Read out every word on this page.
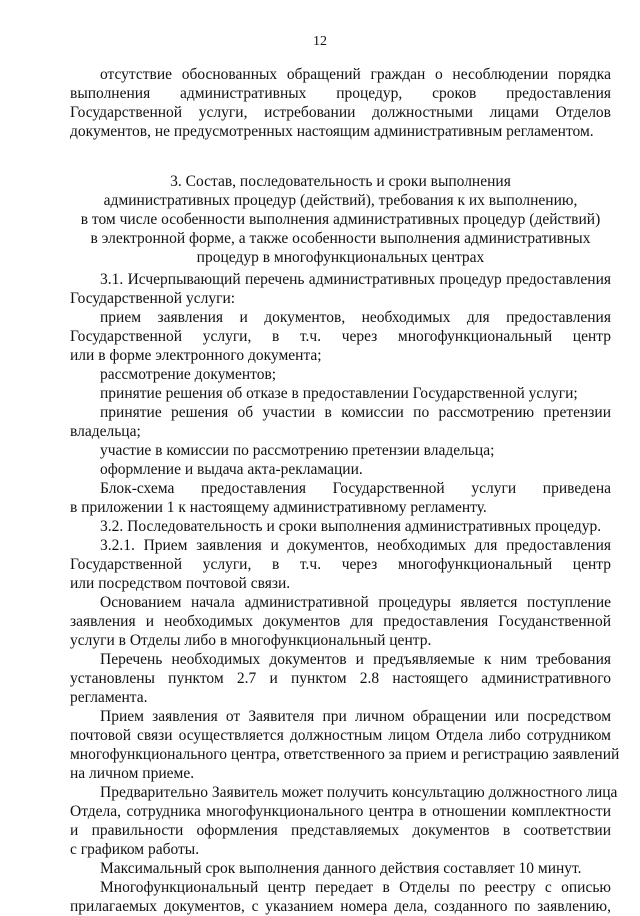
12
отсутствие обоснованных обращений граждан о несоблюдении порядка
выполнения административных процедур, сроков предоставления
Государственной услуги, истребовании должностными лицами Отделов
документов, не предусмотренных настоящим административным регламентом.
3. Состав, последовательность и сроки выполнения
административных процедур (действий), требования к их выполнению,
в том числе особенности выполнения административных процедур (действий)
в электронной форме, а также особенности выполнения административных
процедур в многофункциональных центрах
3.1. Исчерпывающий перечень административных процедур предоставления
Государственной услуги:
прием заявления и документов, необходимых для предоставления
Государственной услуги, в т.ч. через многофункциональный центр
или в форме электронного документа;
рассмотрение документов;
принятие решения об отказе в предоставлении Государственной услуги;
принятие решения об участии в комиссии по рассмотрению претензии
владельца;
участие в комиссии по рассмотрению претензии владельца;
оформление и выдача акта-рекламации.
Блок-схема предоставления Государственной услуги приведена
в приложении 1 к настоящему административному регламенту.
3.2. Последовательность и сроки выполнения административных процедур.
3.2.1. Прием заявления и документов, необходимых для предоставления
Государственной услуги, в т.ч. через многофункциональный центр
или посредством почтовой связи.
Основанием начала административной процедуры является поступление
заявления и необходимых документов для предоставления Госуданственной
услуги в Отделы либо в многофункциональный центр.
Перечень необходимых документов и предъявляемые к ним требования
установлены пунктом 2.7 и пунктом 2.8 настоящего административного
регламента.
Прием заявления от Заявителя при личном обращении или посредством
почтовой связи осуществляется должностным лицом Отдела либо сотрудником
многофункционального центра, ответственного за прием и регистрацию заявлений
на личном приеме.
Предварительно Заявитель может получить консультацию должностного лица
Отдела, сотрудника многофункционального центра в отношении комплектности
и правильности оформления представляемых документов в соответствии
с графиком работы.
Максимальный срок выполнения данного действия составляет 10 минут.
Многофункциональный центр передает в Отделы по реестру с описью
прилагаемых документов, с указанием номера дела, созданного по заявлению,
